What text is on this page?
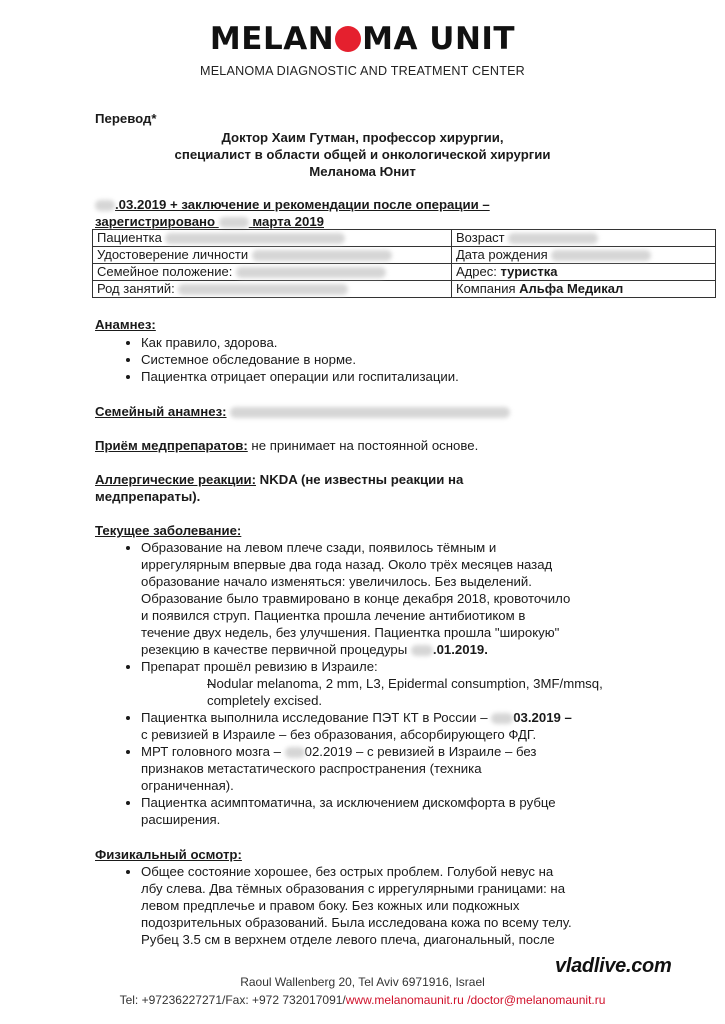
MELAN MA UNIT
MELANOMA DIAGNOSTIC AND TREATMENT CENTER
Перевод*
Доктор Хаим Гутман, профессор хирургии,
специалист в области общей и онкологической хирургии
Меланома Юнит
.03.2019 + заключение и рекомендации после операции –
зарегистрировано	марта 2019
Пациентка	Возраст
Удостоверение личности	Дата рождения
Семейное положение:	Адрес: туристка
Род занятий:	Компания Альфа Медикал
Анамнез:
• Как правило, здорова.
• Системное обследование в норме.
• Пациентка отрицает операции или госпитализации.
Семейный анамнез:
Приём медпрепаратов: не принимает на постоянной основе.
Аллергические реакции: NKDA (не известны реакции на
медпрепараты).
Текущее заболевание:
• Образование на левом плече сзади, появилось тёмным и
иррегулярным впервые два года назад. Около трёх месяцев назад
образование начало изменяться: увеличилось. Без выделений.
Образование было травмировано в конце декабря 2018, кровоточило
и появился струп. Пациентка прошла лечение антибиотиком в
течение двух недель, без улучшения. Пациентка прошла "широкую"
резекцию в качестве первичной процедуры .01.2019.
• Препарат прошёл ревизию в Израиле:
– Nodular melanoma, 2 mm, L3, Epidermal consumption, 3MF/mmsq,
completely excised.
• Пациентка выполнила исследование ПЭТ КТ в России – 03.2019 –
с ревизией в Израиле – без образования, абсорбирующего ФДГ.
• МРТ головного мозга – 02.2019 – с ревизией в Израиле – без
признаков метастатического распространения (техника
ограниченная).
• Пациентка асимптоматична, за исключением дискомфорта в рубце
расширения.
Физикальный осмотр:
• Общее состояние хорошее, без острых проблем. Голубой невус на
лбу слева. Два тёмных образования с иррегулярными границами: на
левом предплечье и правом боку. Без кожных или подкожных
подозрительных образований. Была исследована кожа по всему телу.
Рубец 3.5 см в верхнем отделе левого плеча, диагональный, после
vladlive.com
Raoul Wallenberg 20, Tel Aviv 6971916, Israel
Tel: +97236227271/Fax: +972 732017091/www.melanomaunit.ru /doctor@melanomaunit.ru
